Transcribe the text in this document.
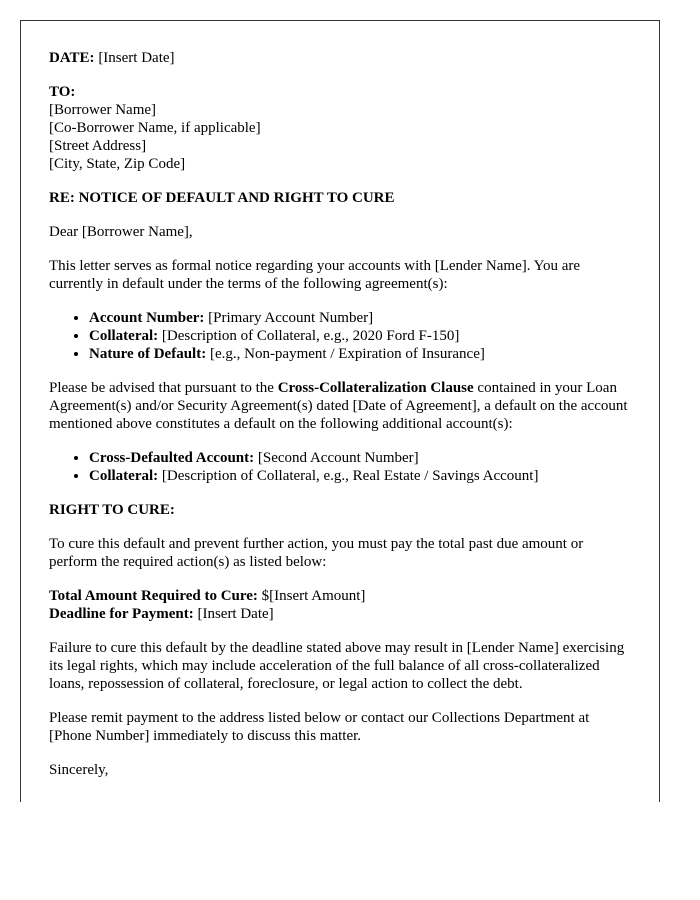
DATE: [Insert Date]

TO:
[Borrower Name]
[Co-Borrower Name, if applicable]
[Street Address]
[City, State, Zip Code]

RE: NOTICE OF DEFAULT AND RIGHT TO CURE

Dear [Borrower Name],

This letter serves as formal notice regarding your accounts with [Lender Name]. You are currently in default under the terms of the following agreement(s):

• Account Number: [Primary Account Number]
• Collateral: [Description of Collateral, e.g., 2020 Ford F-150]
• Nature of Default: [e.g., Non-payment / Expiration of Insurance]

Please be advised that pursuant to the Cross-Collateralization Clause contained in your Loan Agreement(s) and/or Security Agreement(s) dated [Date of Agreement], a default on the account mentioned above constitutes a default on the following additional account(s):

• Cross-Defaulted Account: [Second Account Number]
• Collateral: [Description of Collateral, e.g., Real Estate / Savings Account]

RIGHT TO CURE:

To cure this default and prevent further action, you must pay the total past due amount or perform the required action(s) as listed below:

Total Amount Required to Cure: $[Insert Amount]
Deadline for Payment: [Insert Date]

Failure to cure this default by the deadline stated above may result in [Lender Name] exercising its legal rights, which may include acceleration of the full balance of all cross-collateralized loans, repossession of collateral, foreclosure, or legal action to collect the debt.

Please remit payment to the address listed below or contact our Collections Department at [Phone Number] immediately to discuss this matter.

Sincerely,
